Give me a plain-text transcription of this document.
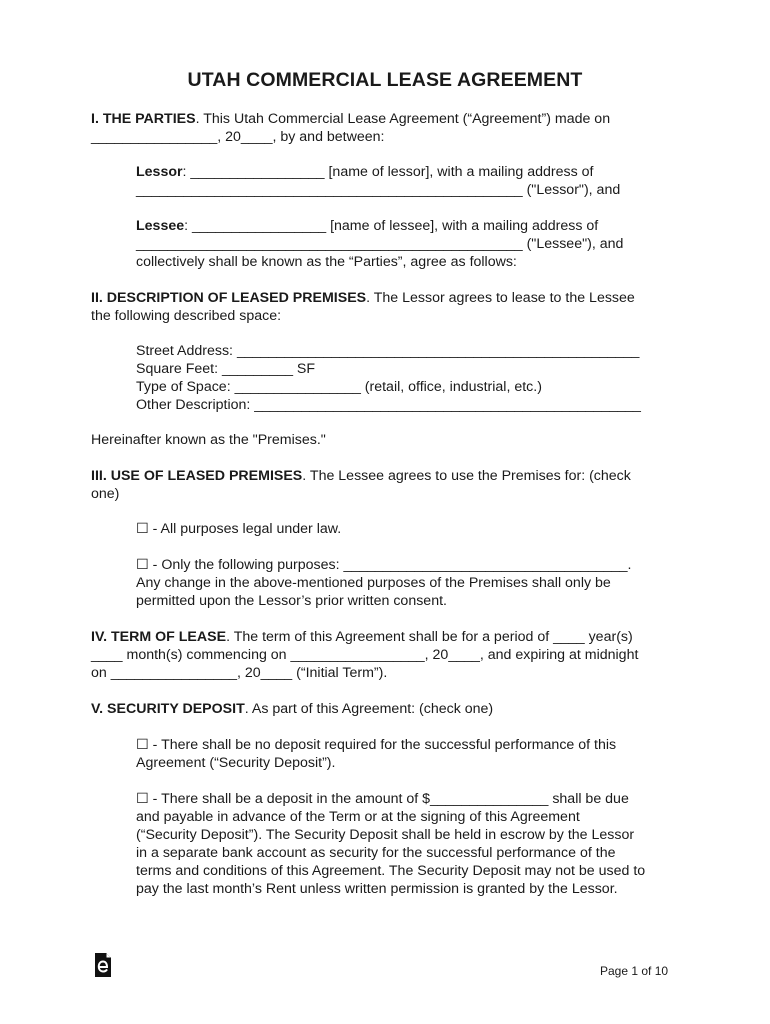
UTAH COMMERCIAL LEASE AGREEMENT
I. THE PARTIES. This Utah Commercial Lease Agreement (“Agreement”) made on
________________, 20____, by and between:
Lessor: _________________ [name of lessor], with a mailing address of
_________________________________________________ ("Lessor"), and
Lessee: _________________ [name of lessee], with a mailing address of
_________________________________________________ ("Lessee"), and
collectively shall be known as the “Parties”, agree as follows:
II. DESCRIPTION OF LEASED PREMISES. The Lessor agrees to lease to the Lessee
the following described space:
Street Address: ___________________________________________________
Square Feet: _________ SF
Type of Space: ________________ (retail, office, industrial, etc.)
Other Description: _________________________________________________
Hereinafter known as the "Premises."
III. USE OF LEASED PREMISES. The Lessee agrees to use the Premises for: (check
one)
☐ - All purposes legal under law.
☐ - Only the following purposes: ____________________________________.
Any change in the above-mentioned purposes of the Premises shall only be
permitted upon the Lessor’s prior written consent.
IV. TERM OF LEASE. The term of this Agreement shall be for a period of ____ year(s)
____ month(s) commencing on _________________, 20____, and expiring at midnight
on ________________, 20____ (“Initial Term”).
V. SECURITY DEPOSIT. As part of this Agreement: (check one)
☐ - There shall be no deposit required for the successful performance of this
Agreement (“Security Deposit”).
☐ - There shall be a deposit in the amount of $_______________ shall be due
and payable in advance of the Term or at the signing of this Agreement
(“Security Deposit”). The Security Deposit shall be held in escrow by the Lessor
in a separate bank account as security for the successful performance of the
terms and conditions of this Agreement. The Security Deposit may not be used to
pay the last month’s Rent unless written permission is granted by the Lessor.
Page 1 of 10
